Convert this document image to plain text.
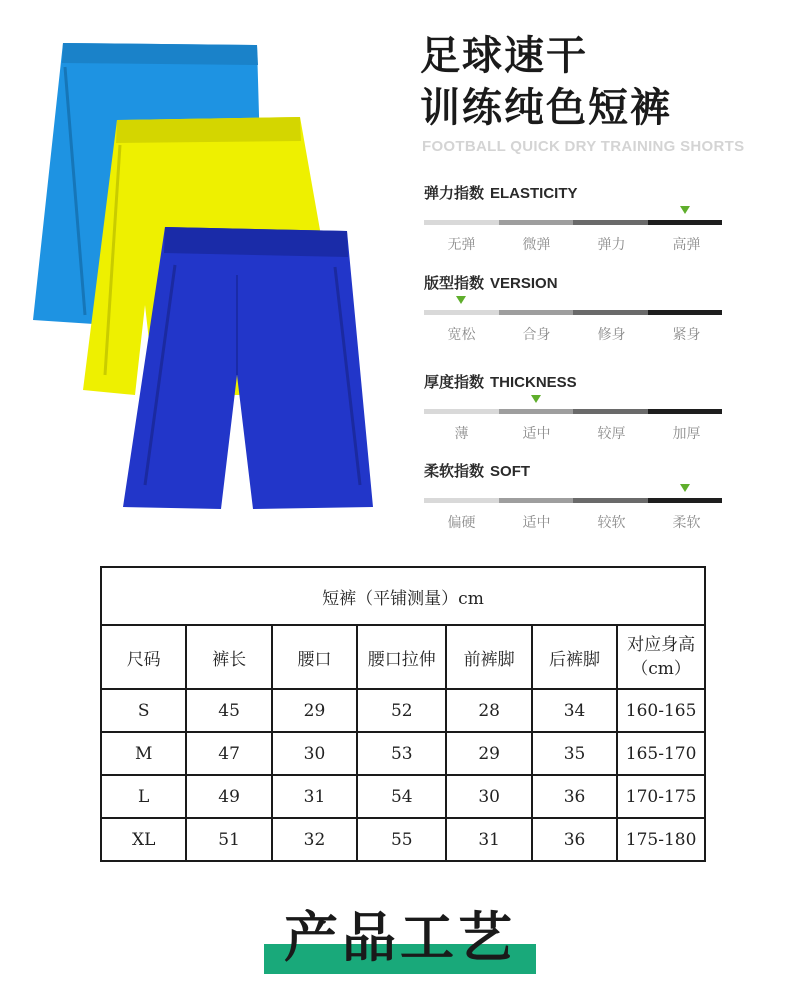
足球速干
训练纯色短裤
FOOTBALL QUICK DRY TRAINING SHORTS
弹力指数 ELASTICITY
无弹	微弹	弹力	高弹
版型指数 VERSION
宽松	合身	修身	紧身
厚度指数 THICKNESS
薄	适中	较厚	加厚
柔软指数 SOFT
偏硬	适中	较软	柔软
短裤（平铺测量）cm						
尺码	裤长	腰口	腰口拉伸	前裤脚	后裤脚	对应身高（cm）
S	45	29	52	28	34	160-165
M	47	30	53	29	35	165-170
L	49	31	54	30	36	170-175
XL	51	32	55	31	36	175-180
产品工艺
